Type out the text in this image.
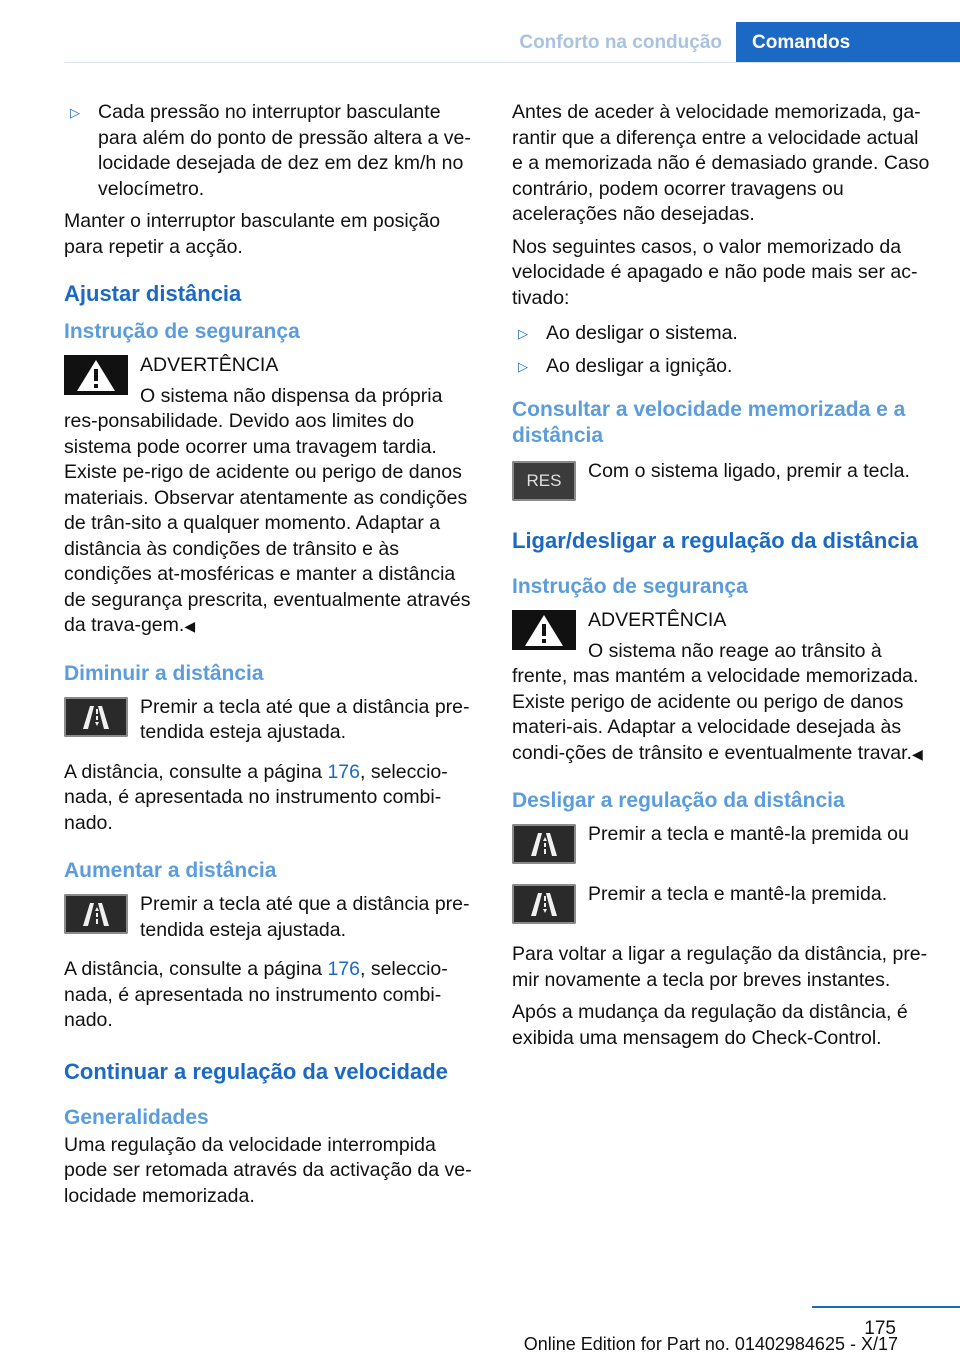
Conforto na condução	Comandos
▷ Cada pressão no interruptor basculante para além do ponto de pressão altera a ve-locidade desejada de dez em dez km/h no velocímetro.

Manter o interruptor basculante em posição para repetir a acção.

Ajustar distância
Instrução de segurança
ADVERTÊNCIA
O sistema não dispensa da própria res-ponsabilidade. Devido aos limites do sistema pode ocorrer uma travagem tardia. Existe pe-rigo de acidente ou perigo de danos materiais. Observar atentamente as condições de trân-sito a qualquer momento. Adaptar a distância às condições de trânsito e às condições at-mosféricas e manter a distância de segurança prescrita, eventualmente através da trava-gem.◀
Diminuir a distância
Premir a tecla até que a distância pre-tendida esteja ajustada.

A distância, consulte a página 176, seleccio-nada, é apresentada no instrumento combi-nado.

Aumentar a distância
Premir a tecla até que a distância pre-tendida esteja ajustada.

A distância, consulte a página 176, seleccio-nada, é apresentada no instrumento combi-nado.

Continuar a regulação da velocidade
Generalidades

Uma regulação da velocidade interrompida pode ser retomada através da activação da ve-locidade memorizada.

Antes de aceder à velocidade memorizada, ga-rantir que a diferença entre a velocidade actual e a memorizada não é demasiado grande. Caso contrário, podem ocorrer travagens ou acelerações não desejadas.

Nos seguintes casos, o valor memorizado da velocidade é apagado e não pode mais ser ac-tivado:

▷ Ao desligar o sistema.
▷ Ao desligar a ignição.
Consultar a velocidade memorizada e a distância
RES	Com o sistema ligado, premir a tecla.
Ligar/desligar a regulação da distância
Instrução de segurança
ADVERTÊNCIA
O sistema não reage ao trânsito à frente, mas mantém a velocidade memorizada. Existe perigo de acidente ou perigo de danos materi-ais. Adaptar a velocidade desejada às condi-ções de trânsito e eventualmente travar.◀
Desligar a regulação da distância
Premir a tecla e mantê-la premida ou
Premir a tecla e mantê-la premida.

Para voltar a ligar a regulação da distância, pre-mir novamente a tecla por breves instantes.

Após a mudança da regulação da distância, é exibida uma mensagem do Check-Control.

175
Online Edition for Part no. 01402984625 - X/17
